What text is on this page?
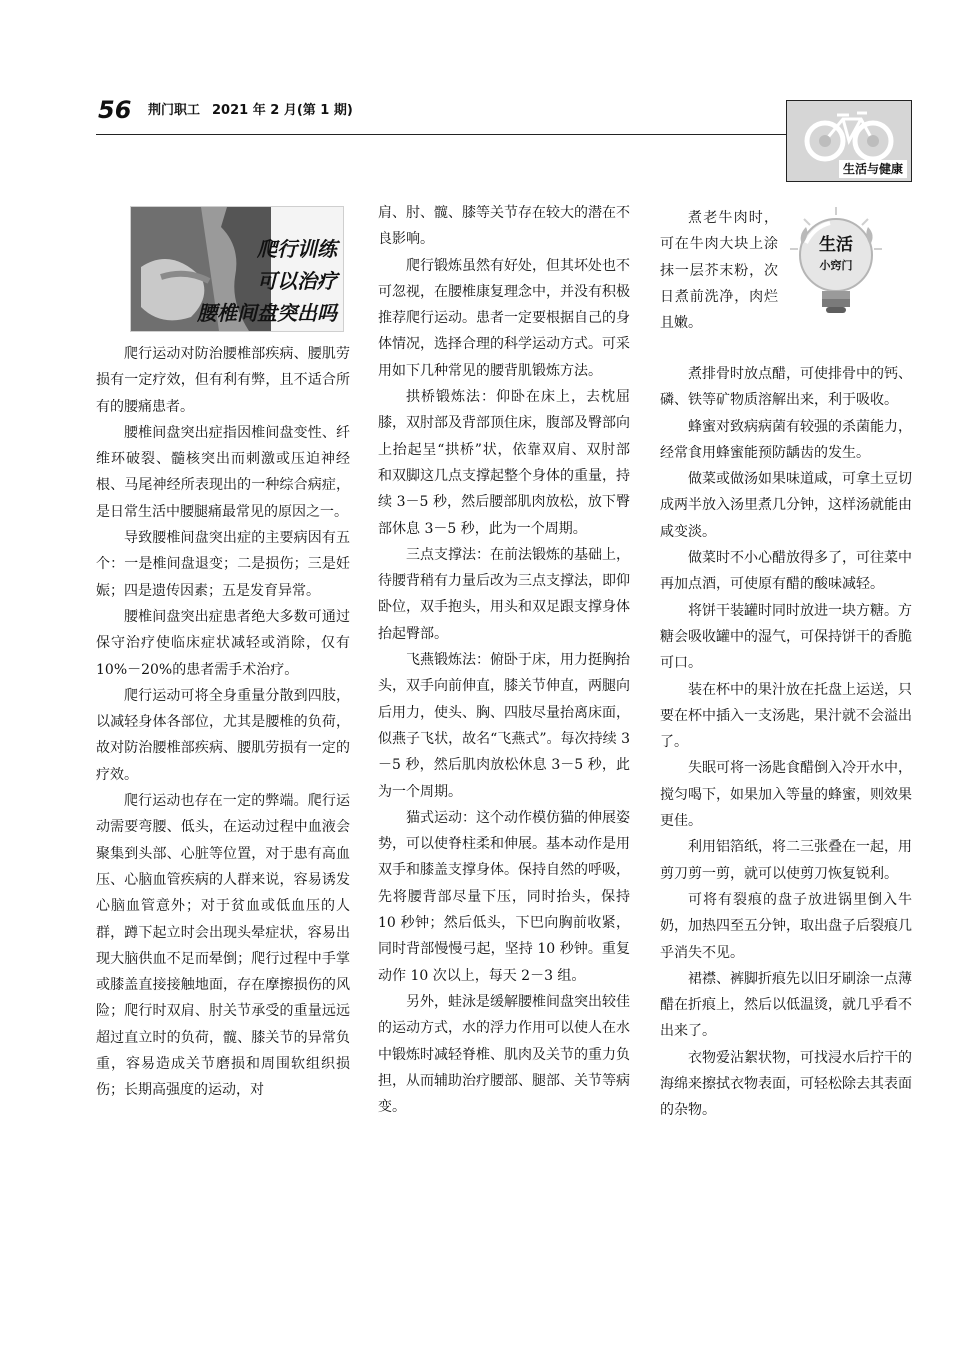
56 荆门职工 2021 年 2 月(第 1 期)
生活与健康
爬行训练
可以治疗
腰椎间盘突出吗

爬行运动对防治腰椎部疾病、腰肌劳损有一定疗效，但有利有弊，且不适合所有的腰痛患者。

腰椎间盘突出症指因椎间盘变性、纤维环破裂、髓核突出而刺激或压迫神经根、马尾神经所表现出的一种综合病症，是日常生活中腰腿痛最常见的原因之一。

导致腰椎间盘突出症的主要病因有五个：一是椎间盘退变；二是损伤；三是妊娠；四是遗传因素；五是发育异常。

腰椎间盘突出症患者绝大多数可通过保守治疗使临床症状减轻或消除，仅有 10%－20%的患者需手术治疗。

爬行运动可将全身重量分散到四肢，以减轻身体各部位，尤其是腰椎的负荷，故对防治腰椎部疾病、腰肌劳损有一定的疗效。

爬行运动也存在一定的弊端。爬行运动需要弯腰、低头，在运动过程中血液会聚集到头部、心脏等位置，对于患有高血压、心脑血管疾病的人群来说，容易诱发心脑血管意外；对于贫血或低血压的人群，蹲下起立时会出现头晕症状，容易出现大脑供血不足而晕倒；爬行过程中手掌或膝盖直接接触地面，存在摩擦损伤的风险；爬行时双肩、肘关节承受的重量远远超过直立时的负荷，髋、膝关节的异常负重，容易造成关节磨损和周围软组织损伤；长期高强度的运动，对

肩、肘、髋、膝等关节存在较大的潜在不良影响。

爬行锻炼虽然有好处，但其坏处也不可忽视，在腰椎康复理念中，并没有积极推荐爬行运动。患者一定要根据自己的身体情况，选择合理的科学运动方式。可采用如下几种常见的腰背肌锻炼方法。

拱桥锻炼法：仰卧在床上，去枕屈膝，双肘部及背部顶住床，腹部及臀部向上抬起呈“拱桥”状，依靠双肩、双肘部和双脚这几点支撑起整个身体的重量，持续 3－5 秒，然后腰部肌肉放松，放下臀部休息 3－5 秒，此为一个周期。

三点支撑法：在前法锻炼的基础上，待腰背稍有力量后改为三点支撑法，即仰卧位，双手抱头，用头和双足跟支撑身体抬起臀部。

飞燕锻炼法：俯卧于床，用力挺胸抬头，双手向前伸直，膝关节伸直，两腿向后用力，使头、胸、四肢尽量抬离床面，似燕子飞状，故名“飞燕式”。每次持续 3－5 秒，然后肌肉放松休息 3－5 秒，此为一个周期。

猫式运动：这个动作模仿猫的伸展姿势，可以使脊柱柔和伸展。基本动作是用双手和膝盖支撑身体。保持自然的呼吸，先将腰背部尽量下压，同时抬头，保持 10 秒钟；然后低头，下巴向胸前收紧，同时背部慢慢弓起，坚持 10 秒钟。重复动作 10 次以上，每天 2－3 组。

另外，蛙泳是缓解腰椎间盘突出较佳的运动方式，水的浮力作用可以使人在水中锻炼时减轻脊椎、肌肉及关节的重力负担，从而辅助治疗腰部、腿部、关节等病变。

煮老牛肉时，可在牛肉大块上涂抹一层芥末粉，次日煮前洗净，肉烂且嫩。

生活
小窍门

煮排骨时放点醋，可使排骨中的钙、磷、铁等矿物质溶解出来，利于吸收。

蜂蜜对致病病菌有较强的杀菌能力，经常食用蜂蜜能预防龋齿的发生。

做菜或做汤如果味道咸，可拿土豆切成两半放入汤里煮几分钟，这样汤就能由咸变淡。

做菜时不小心醋放得多了，可往菜中再加点酒，可使原有醋的酸味减轻。

将饼干装罐时同时放进一块方糖。方糖会吸收罐中的湿气，可保持饼干的香脆可口。

装在杯中的果汁放在托盘上运送，只要在杯中插入一支汤匙，果汁就不会溢出了。

失眠可将一汤匙食醋倒入冷开水中，搅匀喝下，如果加入等量的蜂蜜，则效果更佳。

利用铝箔纸，将二三张叠在一起，用剪刀剪一剪，就可以使剪刀恢复锐利。

可将有裂痕的盘子放进锅里倒入牛奶，加热四至五分钟，取出盘子后裂痕几乎消失不见。

裙襟、裤脚折痕先以旧牙刷涂一点薄醋在折痕上，然后以低温烫，就几乎看不出来了。

衣物爱沾絮状物，可找浸水后拧干的海绵来擦拭衣物表面，可轻松除去其表面的杂物。
